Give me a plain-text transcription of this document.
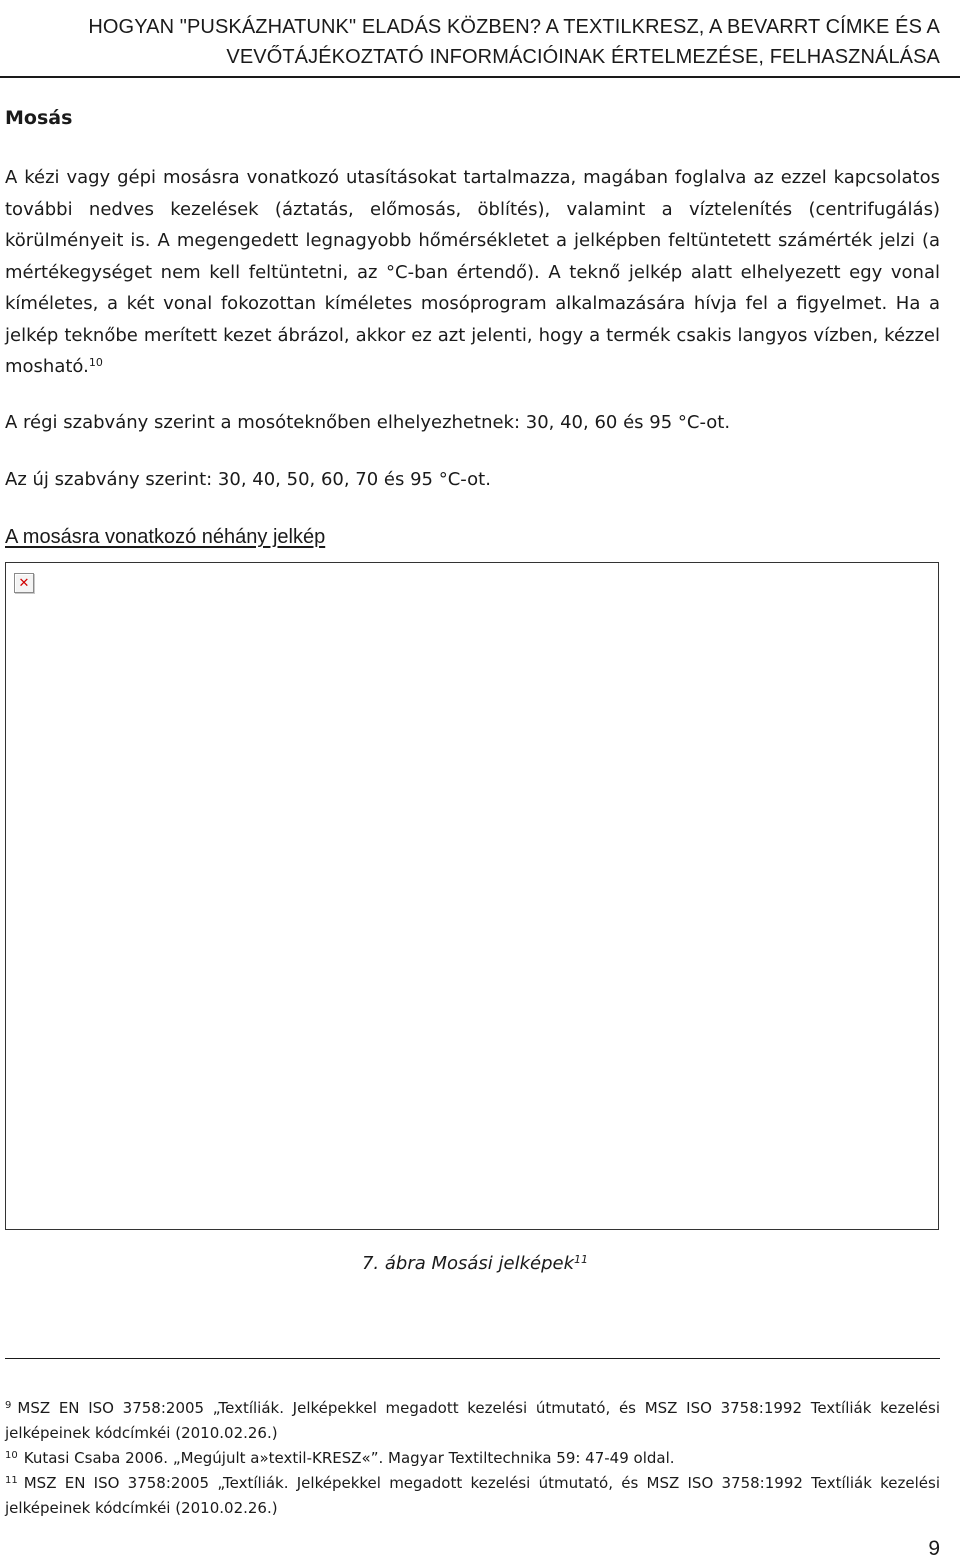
HOGYAN "PUSKÁZHATUNK" ELADÁS KÖZBEN? A TEXTILKRESZ, A BEVARRT CÍMKE ÉS A VEVŐTÁJÉKOZTATÓ INFORMÁCIÓINAK ÉRTELMEZÉSE, FELHASZNÁLÁSA
Mosás

A kézi vagy gépi mosásra vonatkozó utasításokat tartalmazza, magában foglalva az ezzel kapcsolatos további nedves kezelések (áztatás, előmosás, öblítés), valamint a víztelenítés (centrifugálás) körülményeit is. A megengedett legnagyobb hőmérsékletet a jelképben feltüntetett számérték jelzi (a mértékegységet nem kell feltüntetni, az °C-ban értendő). A teknő jelkép alatt elhelyezett egy vonal kíméletes, a két vonal fokozottan kíméletes mosóprogram alkalmazására hívja fel a figyelmet. Ha a jelkép teknőbe merített kezet ábrázol, akkor ez azt jelenti, hogy a termék csakis langyos vízben, kézzel mosható.$^{10}$

A régi szabvány szerint a mosóteknőben elhelyezhetnek: 30, 40, 60 és 95 °C-ot.

Az új szabvány szerint: 30, 40, 50, 60, 70 és 95 °C-ot.

A mosásra vonatkozó néhány jelkép

✕

7. ábra Mosási jelképek$^{11}$

$^9$ MSZ EN ISO 3758:2005 „Textíliák. Jelképekkel megadott kezelési útmutató, és MSZ ISO 3758:1992 Textíliák kezelési jelképeinek kódcímkéi (2010.02.26.)
$^{10}$ Kutasi Csaba 2006. „Megújult a»textil-KRESZ«”. Magyar Textiltechnika 59: 47-49 oldal.
$^{11}$ MSZ EN ISO 3758:2005 „Textíliák. Jelképekkel megadott kezelési útmutató, és MSZ ISO 3758:1992 Textíliák kezelési jelképeinek kódcímkéi (2010.02.26.)
9
